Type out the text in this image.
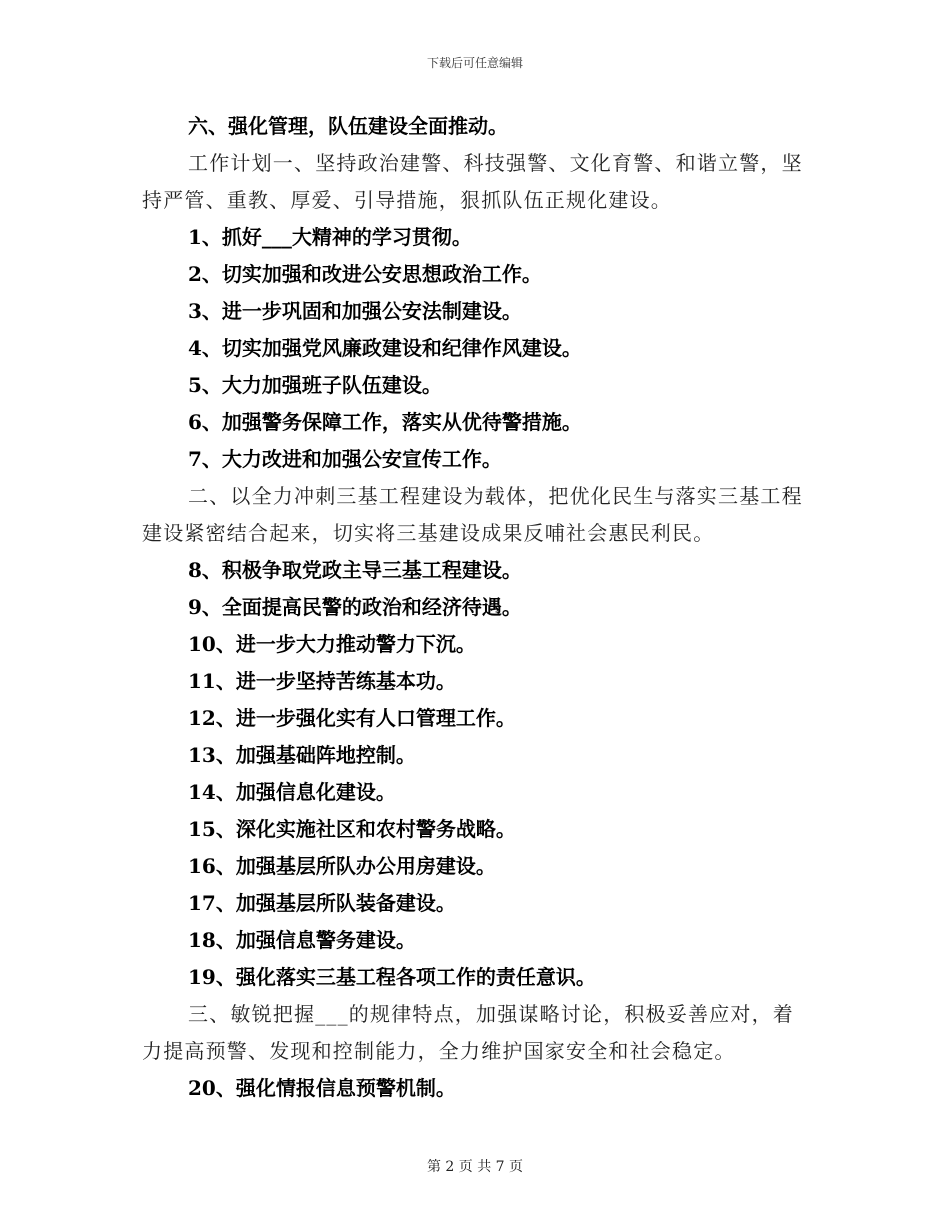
下载后可任意编辑

六、强化管理，队伍建设全面推动。

工作计划一、坚持政治建警、科技强警、文化育警、和谐立警，坚持严管、重教、厚爱、引导措施，狠抓队伍正规化建设。

1、抓好___大精神的学习贯彻。

2、切实加强和改进公安思想政治工作。

3、进一步巩固和加强公安法制建设。

4、切实加强党风廉政建设和纪律作风建设。

5、大力加强班子队伍建设。

6、加强警务保障工作，落实从优待警措施。

7、大力改进和加强公安宣传工作。

二、以全力冲刺三基工程建设为载体，把优化民生与落实三基工程建设紧密结合起来，切实将三基建设成果反哺社会惠民利民。

8、积极争取党政主导三基工程建设。

9、全面提高民警的政治和经济待遇。

10、进一步大力推动警力下沉。

11、进一步坚持苦练基本功。

12、进一步强化实有人口管理工作。

13、加强基础阵地控制。

14、加强信息化建设。

15、深化实施社区和农村警务战略。

16、加强基层所队办公用房建设。

17、加强基层所队装备建设。

18、加强信息警务建设。

19、强化落实三基工程各项工作的责任意识。

三、敏锐把握___的规律特点，加强谋略讨论，积极妥善应对，着力提高预警、发现和控制能力，全力维护国家安全和社会稳定。

20、强化情报信息预警机制。

第 2 页 共 7 页
